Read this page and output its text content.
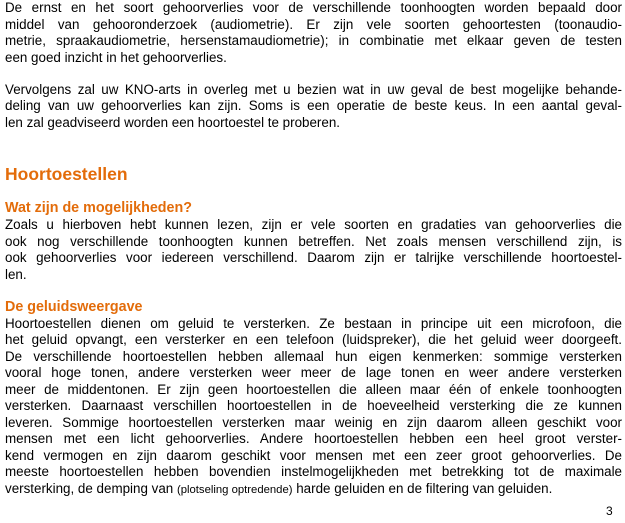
De ernst en het soort gehoorverlies voor de verschillende toonhoogten worden bepaald door
middel van gehooronderzoek (audiometrie). Er zijn vele soorten gehoortesten (toonaudio-
metrie, spraakaudiometrie, hersenstamaudiometrie); in combinatie met elkaar geven de testen
een goed inzicht in het gehoorverlies.
Vervolgens zal uw KNO-arts in overleg met u bezien wat in uw geval de best mogelijke behande-
deling van uw gehoorverlies kan zijn. Soms is een operatie de beste keus. In een aantal geval-
len zal geadviseerd worden een hoortoestel te proberen.
Hoortoestellen
Wat zijn de mogelijkheden?
Zoals u hierboven hebt kunnen lezen, zijn er vele soorten en gradaties van gehoorverlies die
ook nog verschillende toonhoogten kunnen betreffen. Net zoals mensen verschillend zijn, is
ook gehoorverlies voor iedereen verschillend. Daarom zijn er talrijke verschillende hoortoestel-
len.
De geluidsweergave
Hoortoestellen dienen om geluid te versterken. Ze bestaan in principe uit een microfoon, die
het geluid opvangt, een versterker en een telefoon (luidspreker), die het geluid weer doorgeeft.
De verschillende hoortoestellen hebben allemaal hun eigen kenmerken: sommige versterken
vooral hoge tonen, andere versterken weer meer de lage tonen en weer andere versterken
meer de middentonen. Er zijn geen hoortoestellen die alleen maar één of enkele toonhoogten
versterken. Daarnaast verschillen hoortoestellen in de hoeveelheid versterking die ze kunnen
leveren. Sommige hoortoestellen versterken maar weinig en zijn daarom alleen geschikt voor
mensen met een licht gehoorverlies. Andere hoortoestellen hebben een heel groot verster-
kend vermogen en zijn daarom geschikt voor mensen met een zeer groot gehoorverlies. De
meeste hoortoestellen hebben bovendien instelmogelijkheden met betrekking tot de maximale
versterking, de demping van (plotseling optredende) harde geluiden en de filtering van geluiden.
3
